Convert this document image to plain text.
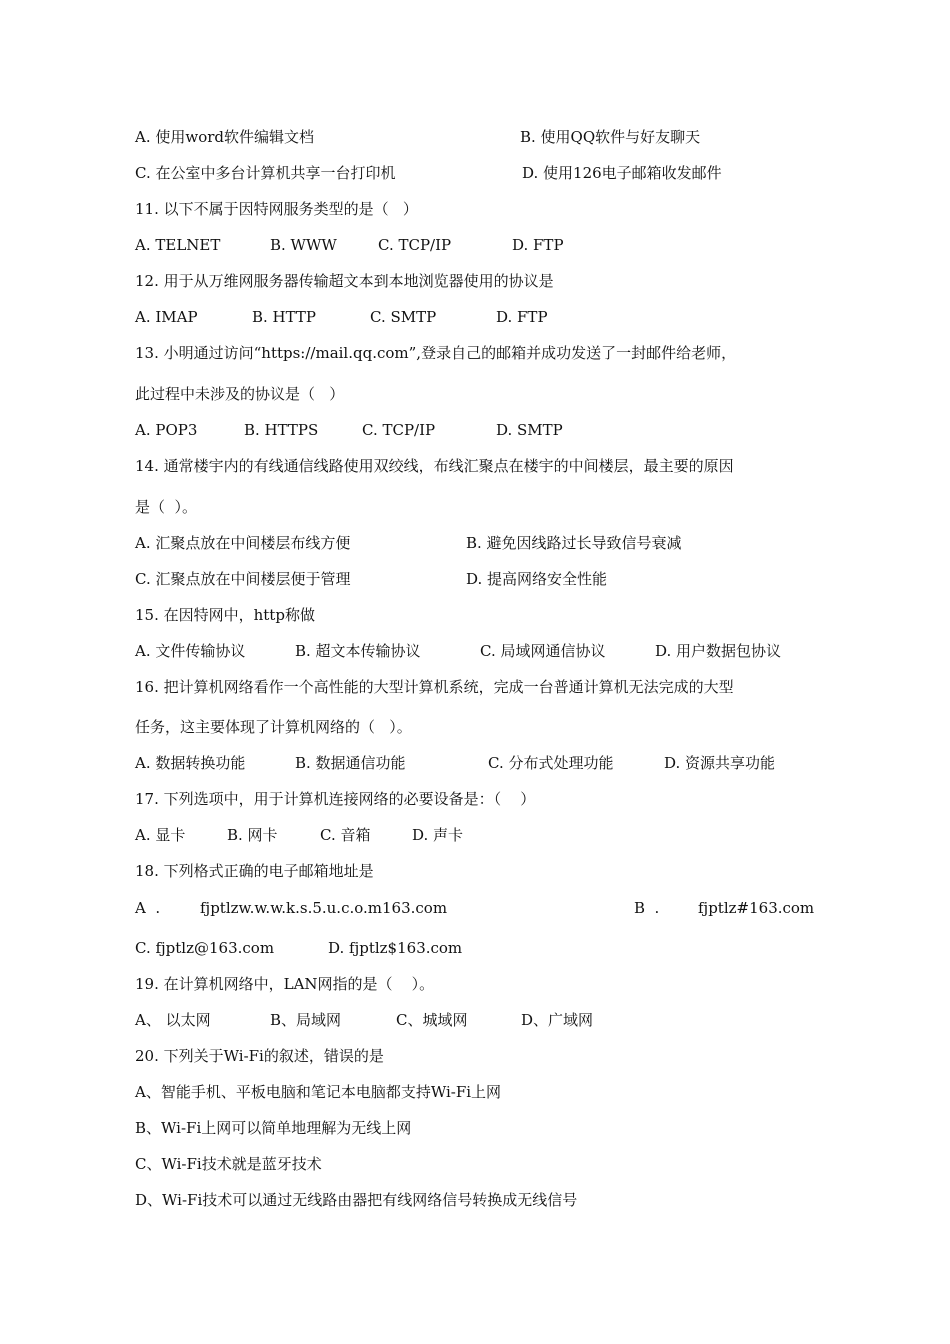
A. 使用word软件编辑文档	B. 使用QQ软件与好友聊天
C. 在公室中多台计算机共享一台打印机	D. 使用126电子邮箱收发邮件
11. 以下不属于因特网服务类型的是（   ）
A. TELNET	B. WWW	C. TCP/IP	D. FTP
12. 用于从万维网服务器传输超文本到本地浏览器使用的协议是
A. IMAP	B. HTTP	C. SMTP	D. FTP
13. 小明通过访问“https://mail.qq.com”,登录自己的邮箱并成功发送了一封邮件给老师，
此过程中未涉及的协议是（   ）
A. POP3	B. HTTPS	C. TCP/IP	D. SMTP
14. 通常楼宇内的有线通信线路使用双绞线，布线汇聚点在楼宇的中间楼层，最主要的原因
是（  ）。
A. 汇聚点放在中间楼层布线方便	B. 避免因线路过长导致信号衰减
C. 汇聚点放在中间楼层便于管理	D. 提高网络安全性能
15. 在因特网中，http称做
A. 文件传输协议	B. 超文本传输协议	C. 局域网通信协议	D. 用户数据包协议
16. 把计算机网络看作一个高性能的大型计算机系统，完成一台普通计算机无法完成的大型
任务，这主要体现了计算机网络的（   ）。
A. 数据转换功能	B. 数据通信功能	C. 分布式处理功能	D. 资源共享功能
17. 下列选项中，用于计算机连接网络的必要设备是：（    ）
A. 显卡	B. 网卡	C. 音箱	D. 声卡
18. 下列格式正确的电子邮箱地址是
A  .	fjptlzw.w.w.k.s.5.u.c.o.m163.com	B  .	fjptlz#163.com
C. fjptlz@163.com	D. fjptlz$163.com
19. 在计算机网络中，LAN网指的是（    ）。
A、 以太网	B、局域网	C、城域网	D、广域网
20. 下列关于Wi-Fi的叙述，错误的是
A、智能手机、平板电脑和笔记本电脑都支持Wi-Fi上网
B、Wi-Fi上网可以简单地理解为无线上网
C、Wi-Fi技术就是蓝牙技术
D、Wi-Fi技术可以通过无线路由器把有线网络信号转换成无线信号
